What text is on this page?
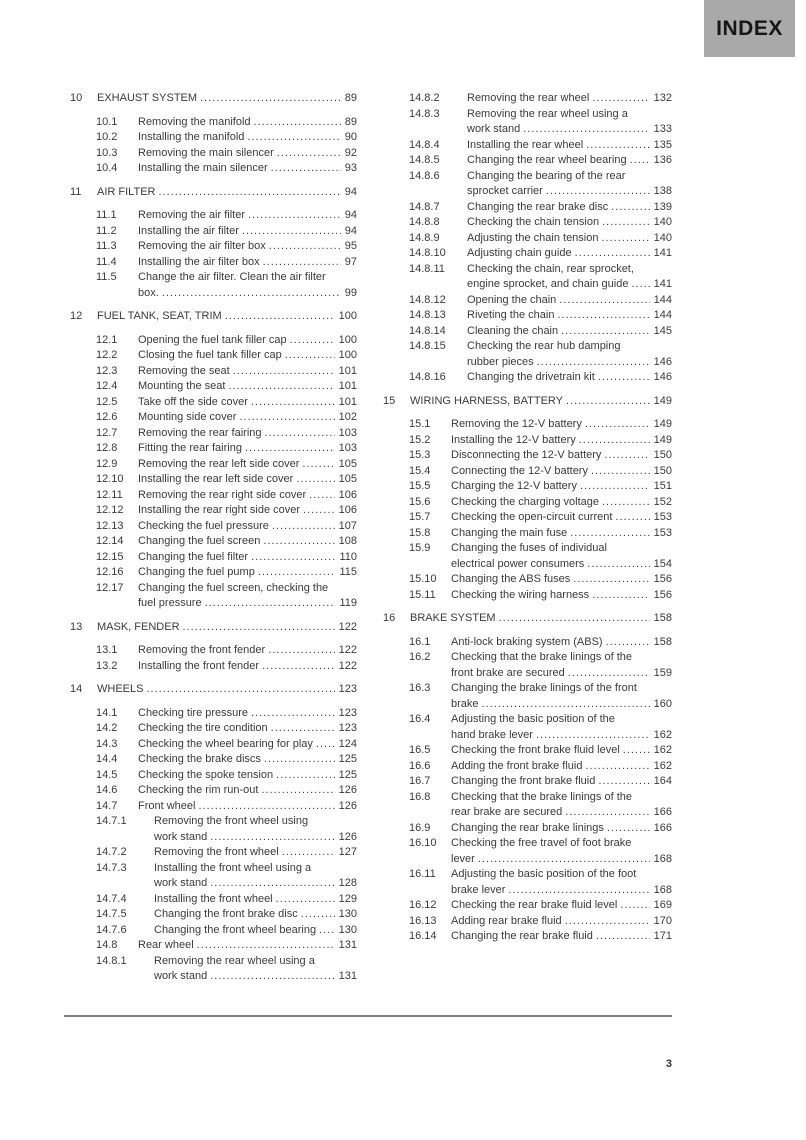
INDEX
10	EXHAUST SYSTEM .....	89
10.1	Removing the manifold .....	89
10.2	Installing the manifold .....	90
10.3	Removing the main silencer .....	92
10.4	Installing the main silencer .....	93
11	AIR FILTER .....	94
11.1	Removing the air filter .....	94
11.2	Installing the air filter .....	94
11.3	Removing the air filter box .....	95
11.4	Installing the air filter box .....	97
11.5	Change the air filter. Clean the air filter
box. .....	99
12	FUEL TANK, SEAT, TRIM .....	100
12.1	Opening the fuel tank filler cap .....	100
12.2	Closing the fuel tank filler cap .....	100
12.3	Removing the seat .....	101
12.4	Mounting the seat .....	101
12.5	Take off the side cover .....	101
12.6	Mounting side cover .....	102
12.7	Removing the rear fairing .....	103
12.8	Fitting the rear fairing .....	103
12.9	Removing the rear left side cover .....	105
12.10	Installing the rear left side cover .....	105
12.11	Removing the rear right side cover .....	106
12.12	Installing the rear right side cover .....	106
12.13	Checking the fuel pressure .....	107
12.14	Changing the fuel screen .....	108
12.15	Changing the fuel filter .....	110
12.16	Changing the fuel pump .....	115
12.17	Changing the fuel screen, checking the
fuel pressure .....	119
13	MASK, FENDER .....	122
13.1	Removing the front fender .....	122
13.2	Installing the front fender .....	122
14	WHEELS .....	123
14.1	Checking tire pressure .....	123
14.2	Checking the tire condition .....	123
14.3	Checking the wheel bearing for play ..... 124
14.4	Checking the brake discs .....	125
14.5	Checking the spoke tension .....	125
14.6	Checking the rim run-out .....	126
14.7	Front wheel .....	126
14.7.1	Removing the front wheel using
work stand .....	126
14.7.2	Removing the front wheel .....	127
14.7.3	Installing the front wheel using a
work stand .....	128
14.7.4	Installing the front wheel .....	129
14.7.5	Changing the front brake disc .....	130
14.7.6	Changing the front wheel bearing ..... 130
14.8	Rear wheel .....	131
14.8.1	Removing the rear wheel using a
work stand .....	131
14.8.2	Removing the rear wheel .....	132
14.8.3	Removing the rear wheel using a
work stand .....	133
14.8.4	Installing the rear wheel .....	135
14.8.5	Changing the rear wheel bearing ..... 136
14.8.6	Changing the bearing of the rear
sprocket carrier .....	138
14.8.7	Changing the rear brake disc .....	139
14.8.8	Checking the chain tension .....	140
14.8.9	Adjusting the chain tension .....	140
14.8.10	Adjusting chain guide .....	141
14.8.11	Checking the chain, rear sprocket,
engine sprocket, and chain guide ..... 141
14.8.12	Opening the chain .....	144
14.8.13	Riveting the chain .....	144
14.8.14	Cleaning the chain .....	145
14.8.15	Checking the rear hub damping
rubber pieces .....	146
14.8.16	Changing the drivetrain kit .....	146
15	WIRING HARNESS, BATTERY .....	149
15.1	Removing the 12-V battery .....	149
15.2	Installing the 12-V battery .....	149
15.3	Disconnecting the 12-V battery .....	150
15.4	Connecting the 12-V battery .....	150
15.5	Charging the 12-V battery .....	151
15.6	Checking the charging voltage .....	152
15.7	Checking the open-circuit current .....	153
15.8	Changing the main fuse .....	153
15.9	Changing the fuses of individual
electrical power consumers .....	154
15.10	Changing the ABS fuses .....	156
15.11	Checking the wiring harness .....	156
16	BRAKE SYSTEM .....	158
16.1	Anti-lock braking system (ABS) .....	158
16.2	Checking that the brake linings of the
front brake are secured .....	159
16.3	Changing the brake linings of the front
brake .....	160
16.4	Adjusting the basic position of the
hand brake lever .....	162
16.5	Checking the front brake fluid level .....	162
16.6	Adding the front brake fluid .....	162
16.7	Changing the front brake fluid .....	164
16.8	Checking that the brake linings of the
rear brake are secured .....	166
16.9	Changing the rear brake linings .....	166
16.10	Checking the free travel of foot brake
lever .....	168
16.11	Adjusting the basic position of the foot
brake lever .....	168
16.12	Checking the rear brake fluid level .....	169
16.13	Adding rear brake fluid .....	170
16.14	Changing the rear brake fluid .....	171
3
